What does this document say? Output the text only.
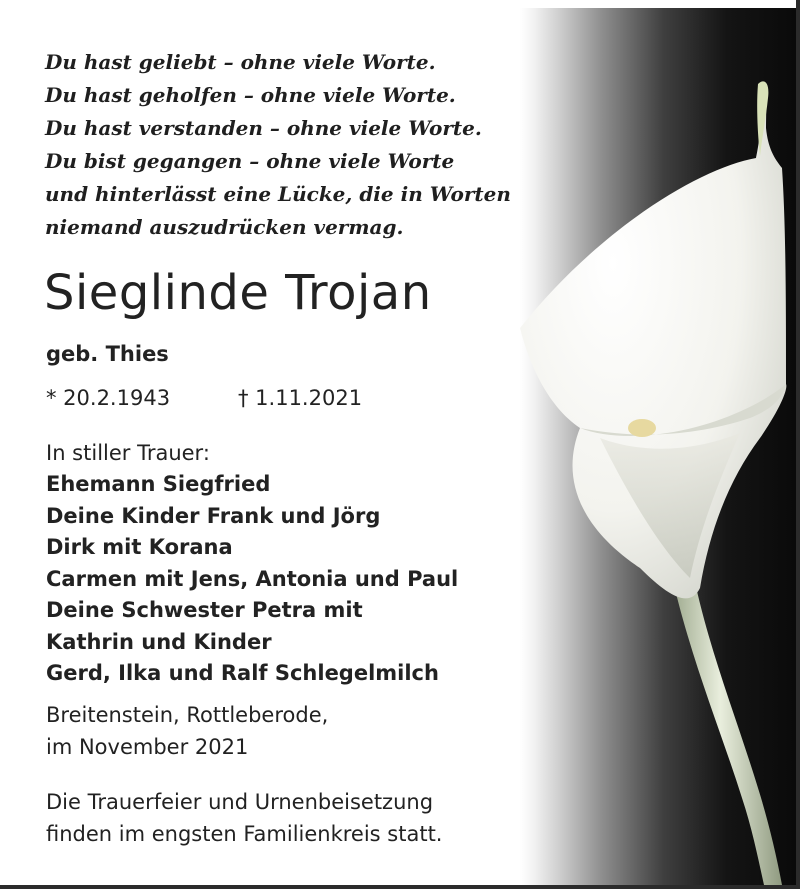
Du hast geliebt – ohne viele Worte.
Du hast geholfen – ohne viele Worte.
Du hast verstanden – ohne viele Worte.
Du bist gegangen – ohne viele Worte
und hinterlässt eine Lücke, die in Worten
niemand auszudrücken vermag.
Sieglinde Trojan
geb. Thies
* 20.2.1943	† 1.11.2021
In stiller Trauer:
Ehemann Siegfried
Deine Kinder Frank und Jörg
Dirk mit Korana
Carmen mit Jens, Antonia und Paul
Deine Schwester Petra mit
Kathrin und Kinder
Gerd, Ilka und Ralf Schlegelmilch
Breitenstein, Rottleberode,
im November 2021
Die Trauerfeier und Urnenbeisetzung
finden im engsten Familienkreis statt.
